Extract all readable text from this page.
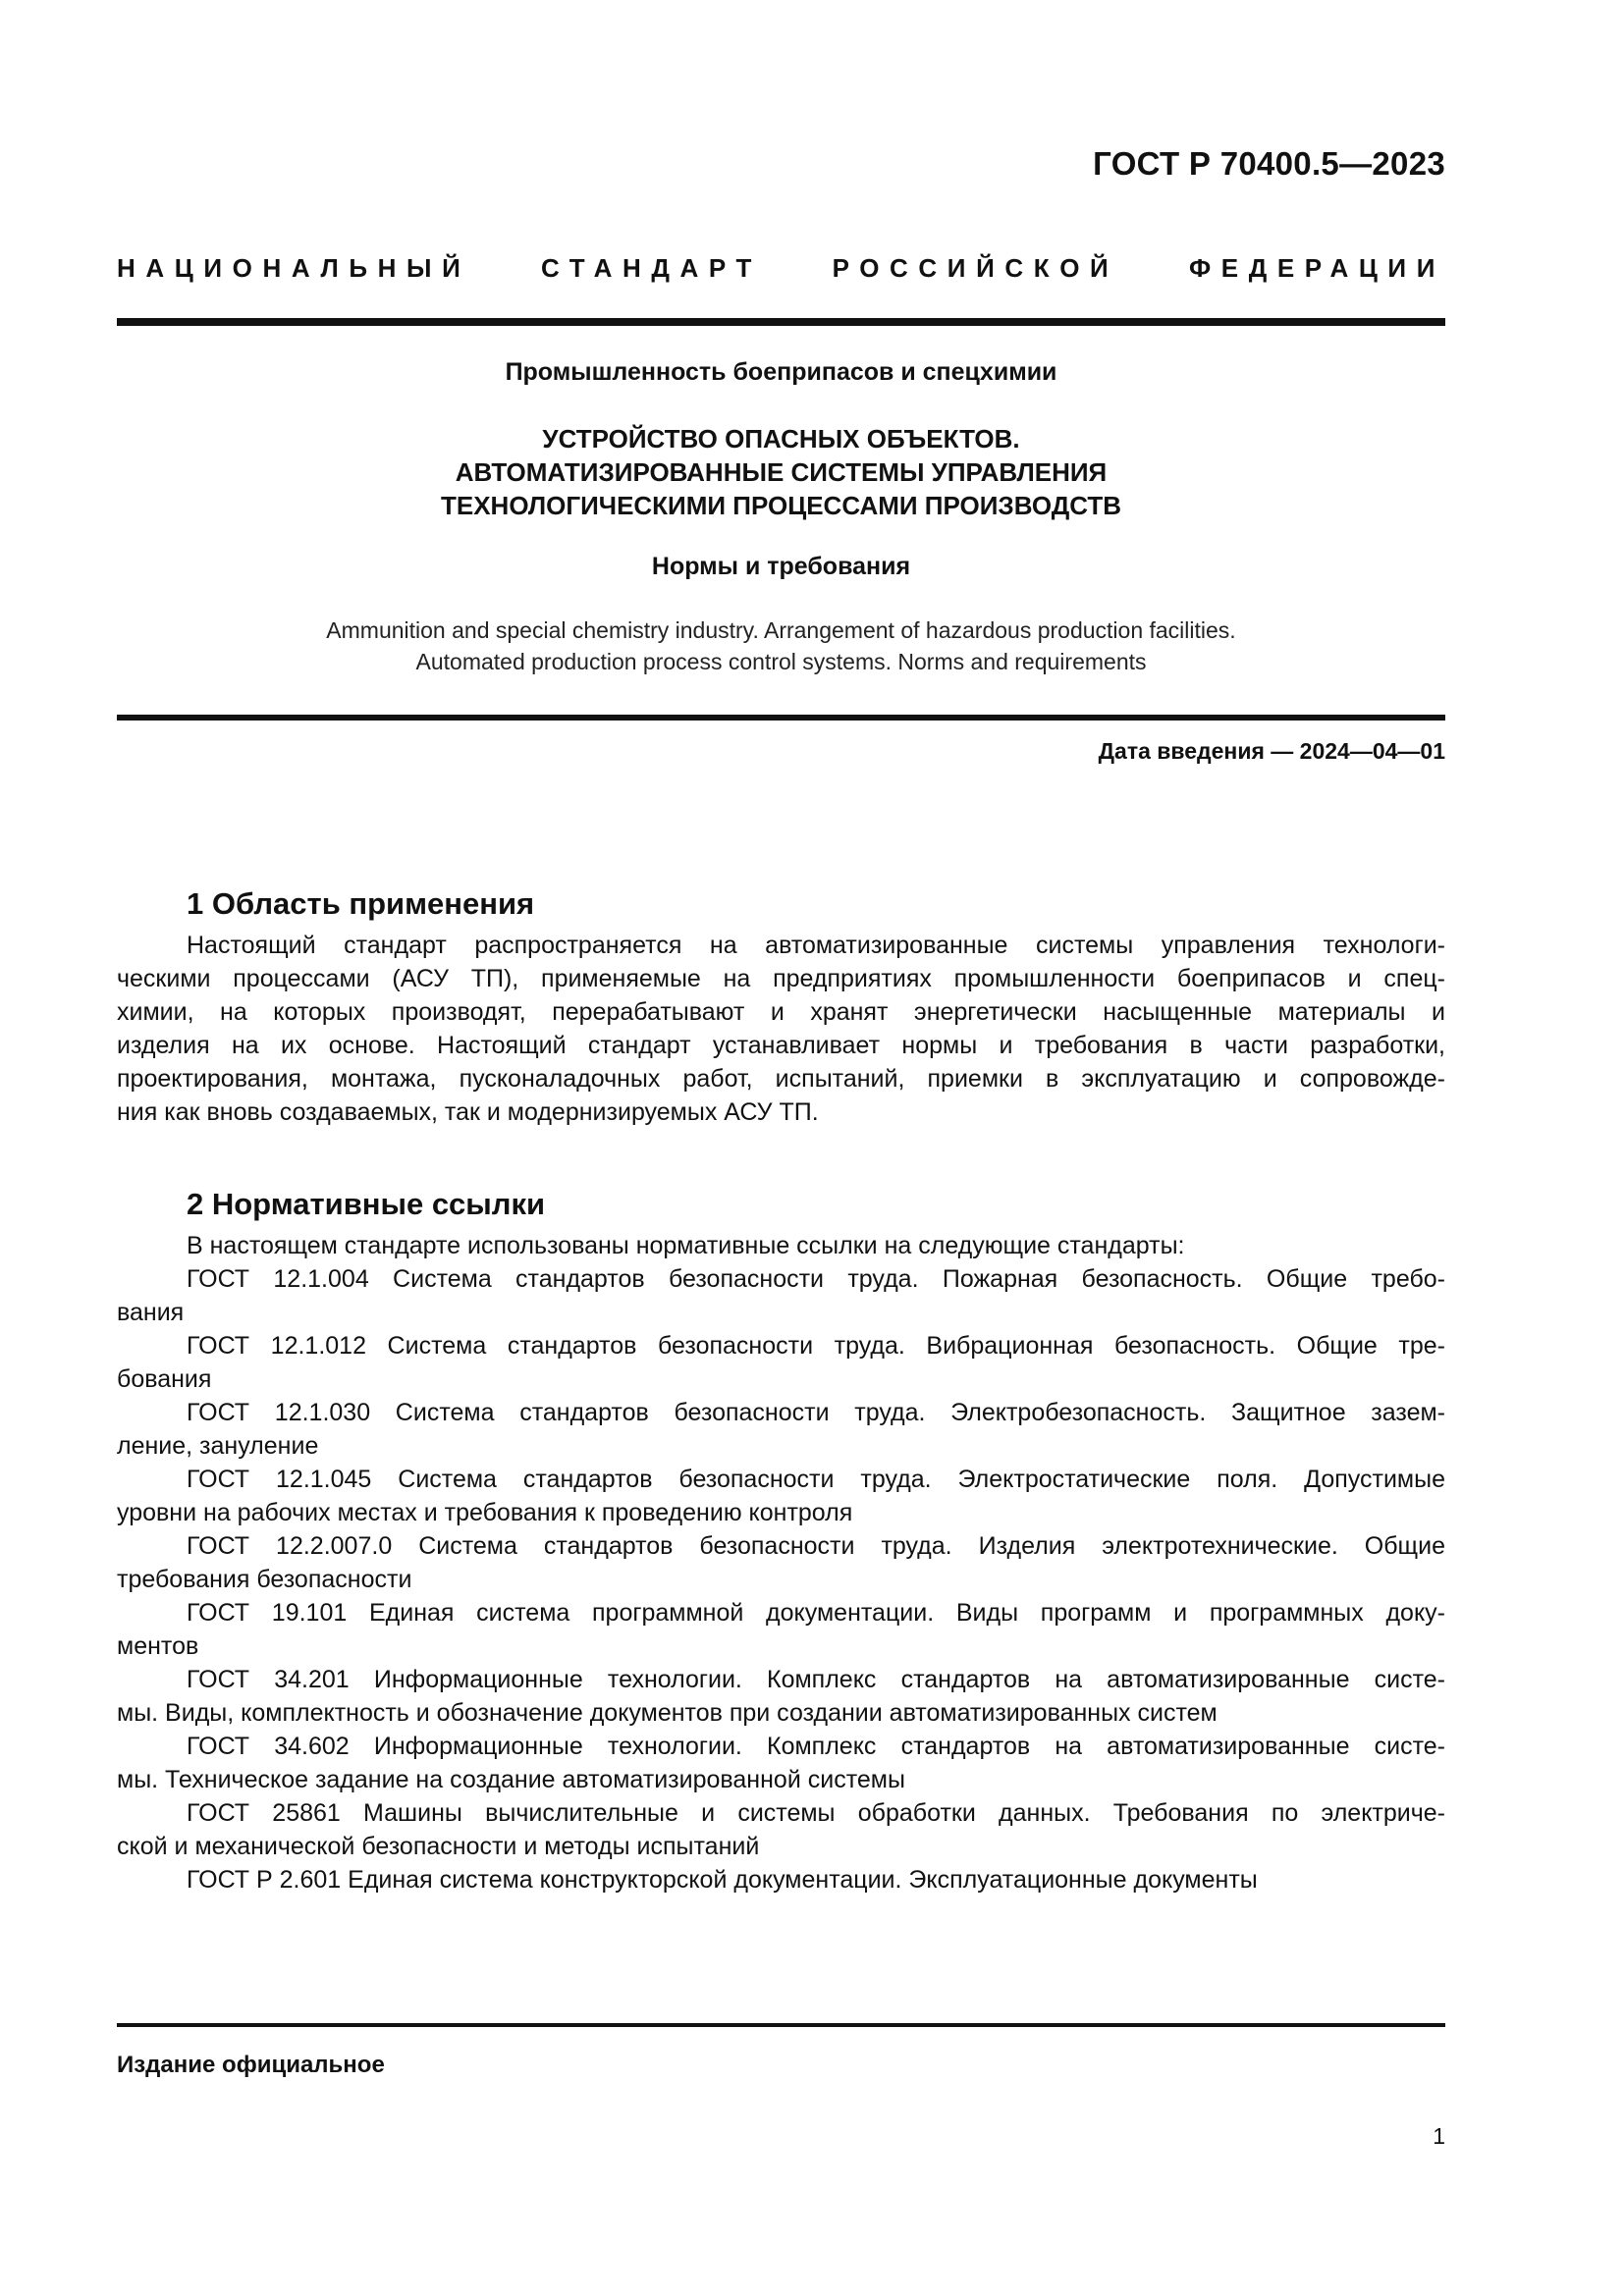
ГОСТ Р 70400.5—2023
НАЦИОНАЛЬНЫЙ СТАНДАРТ РОССИЙСКОЙ ФЕДЕРАЦИИ
Промышленность боеприпасов и спецхимии
УСТРОЙСТВО ОПАСНЫХ ОБЪЕКТОВ.
АВТОМАТИЗИРОВАННЫЕ СИСТЕМЫ УПРАВЛЕНИЯ
ТЕХНОЛОГИЧЕСКИМИ ПРОЦЕССАМИ ПРОИЗВОДСТВ
Нормы и требования
Ammunition and special chemistry industry. Arrangement of hazardous production facilities.
Automated production process control systems. Norms and requirements
Дата введения — 2024—04—01
1 Область применения
Настоящий стандарт распространяется на автоматизированные системы управления технологи-
ческими процессами (АСУ ТП), применяемые на предприятиях промышленности боеприпасов и спец-
химии, на которых производят, перерабатывают и хранят энергетически насыщенные материалы и
изделия на их основе. Настоящий стандарт устанавливает нормы и требования в части разработки,
проектирования, монтажа, пусконаладочных работ, испытаний, приемки в эксплуатацию и сопровожде-
ния как вновь создаваемых, так и модернизируемых АСУ ТП.
2 Нормативные ссылки
В настоящем стандарте использованы нормативные ссылки на следующие стандарты:
ГОСТ 12.1.004 Система стандартов безопасности труда. Пожарная безопасность. Общие требо-
вания
ГОСТ 12.1.012 Система стандартов безопасности труда. Вибрационная безопасность. Общие тре-
бования
ГОСТ 12.1.030 Система стандартов безопасности труда. Электробезопасность. Защитное зазем-
ление, зануление
ГОСТ 12.1.045 Система стандартов безопасности труда. Электростатические поля. Допустимые
уровни на рабочих местах и требования к проведению контроля
ГОСТ 12.2.007.0 Система стандартов безопасности труда. Изделия электротехнические. Общие
требования безопасности
ГОСТ 19.101 Единая система программной документации. Виды программ и программных доку-
ментов
ГОСТ 34.201 Информационные технологии. Комплекс стандартов на автоматизированные систе-
мы. Виды, комплектность и обозначение документов при создании автоматизированных систем
ГОСТ 34.602 Информационные технологии. Комплекс стандартов на автоматизированные систе-
мы. Техническое задание на создание автоматизированной системы
ГОСТ 25861 Машины вычислительные и системы обработки данных. Требования по электриче-
ской и механической безопасности и методы испытаний
ГОСТ Р 2.601 Единая система конструкторской документации. Эксплуатационные документы
Издание официальное
1
